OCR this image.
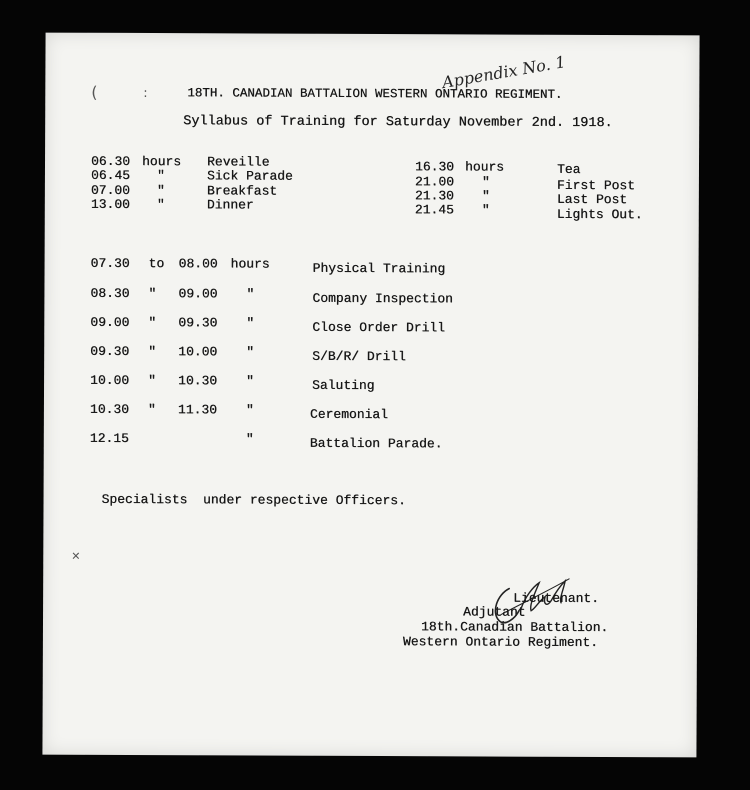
(	:
✕
18TH. CANADIAN BATTALION WESTERN ONTARIO REGIMENT.
Appendix No. 1
Syllabus of Training for Saturday November 2nd. 1918.
06.30 hours Reveille
06.45 "	Sick Parade
07.00 "	Breakfast
13.00 "	Dinner
16.30 hours	Tea
21.00 "	First Post
21.30 "	Last Post
21.45 "	Lights Out.
07.30 to 08.00 hours	Physical Training
08.30 " 09.00 "	Company Inspection
09.00 " 09.30 "	Close Order Drill
09.30 " 10.00 "	S/B/R/ Drill
10.00 " 10.30 "	Saluting
10.30 " 11.30 "	Ceremonial
12.15	"	Battalion Parade.
Specialists  under respective Officers.
Lieutenant.
Adjutant
18th.Canadian Battalion.
Western Ontario Regiment.
